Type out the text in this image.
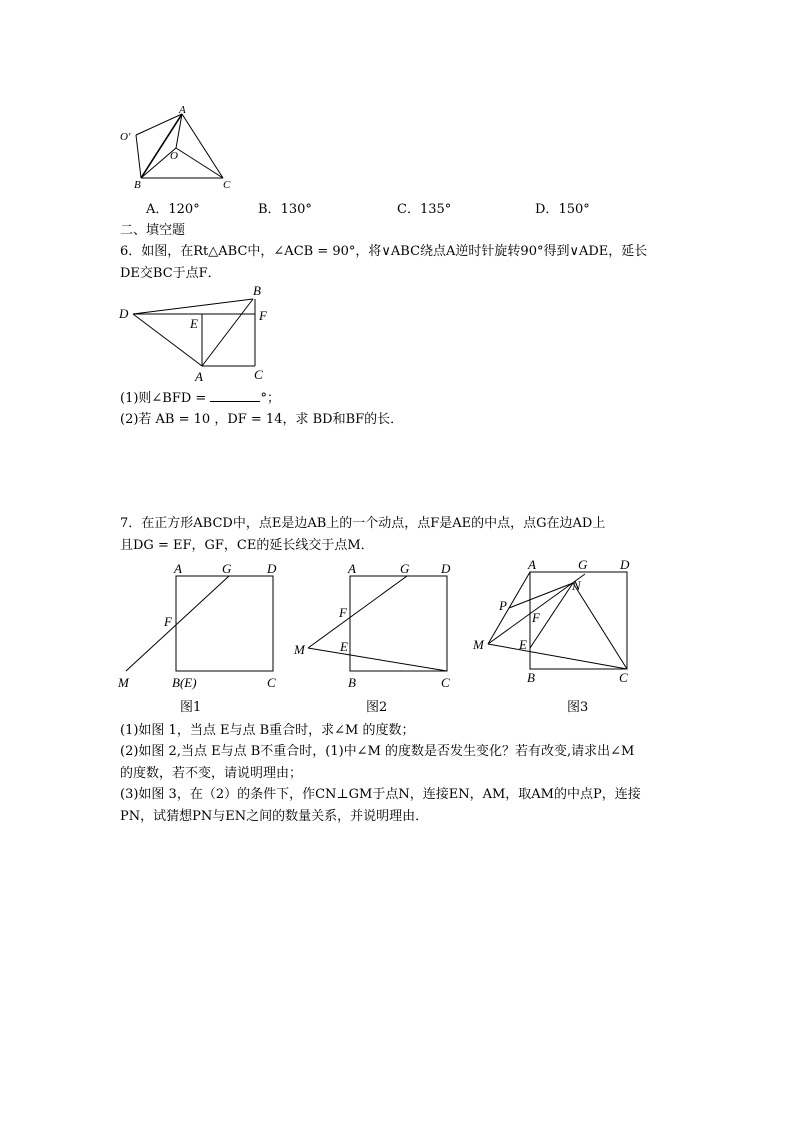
A
O′
O
B	C
A．120°	B．130°	C．135°	D．150°
二、填空题
6．如图，在Rt△ABC中，∠ACB = 90°，将∨ABC绕点A逆时针旋转90°得到∨ADE，延长
DE交BC于点F．
D
B
E
F
A	C
(1)则∠BFD =	°；
(2)若 AB = 10 ，DF = 14，求 BD和BF的长．
7．在正方形ABCD中，点E是边AB上的一个动点，点F是AE的中点，点G在边AD上
且DG = EF，GF，CE的延长线交于点M．
A	G	D
F
M	B(E)	C
图1
A	G D
F
M	E
B	C
图2
A	G	D
N
P
F
M	E
B	C
图3
(1)如图 1，当点 E与点 B重合时，求∠M 的度数；
(2)如图 2,当点 E与点 B不重合时，(1)中∠M 的度数是否发生变化？若有改变,请求出∠M
的度数，若不变，请说明理由；
(3)如图 3，在（2）的条件下，作CN⊥GM于点N，连接EN，AM，取AM的中点P，连接
PN，试猜想PN与EN之间的数量关系，并说明理由．
